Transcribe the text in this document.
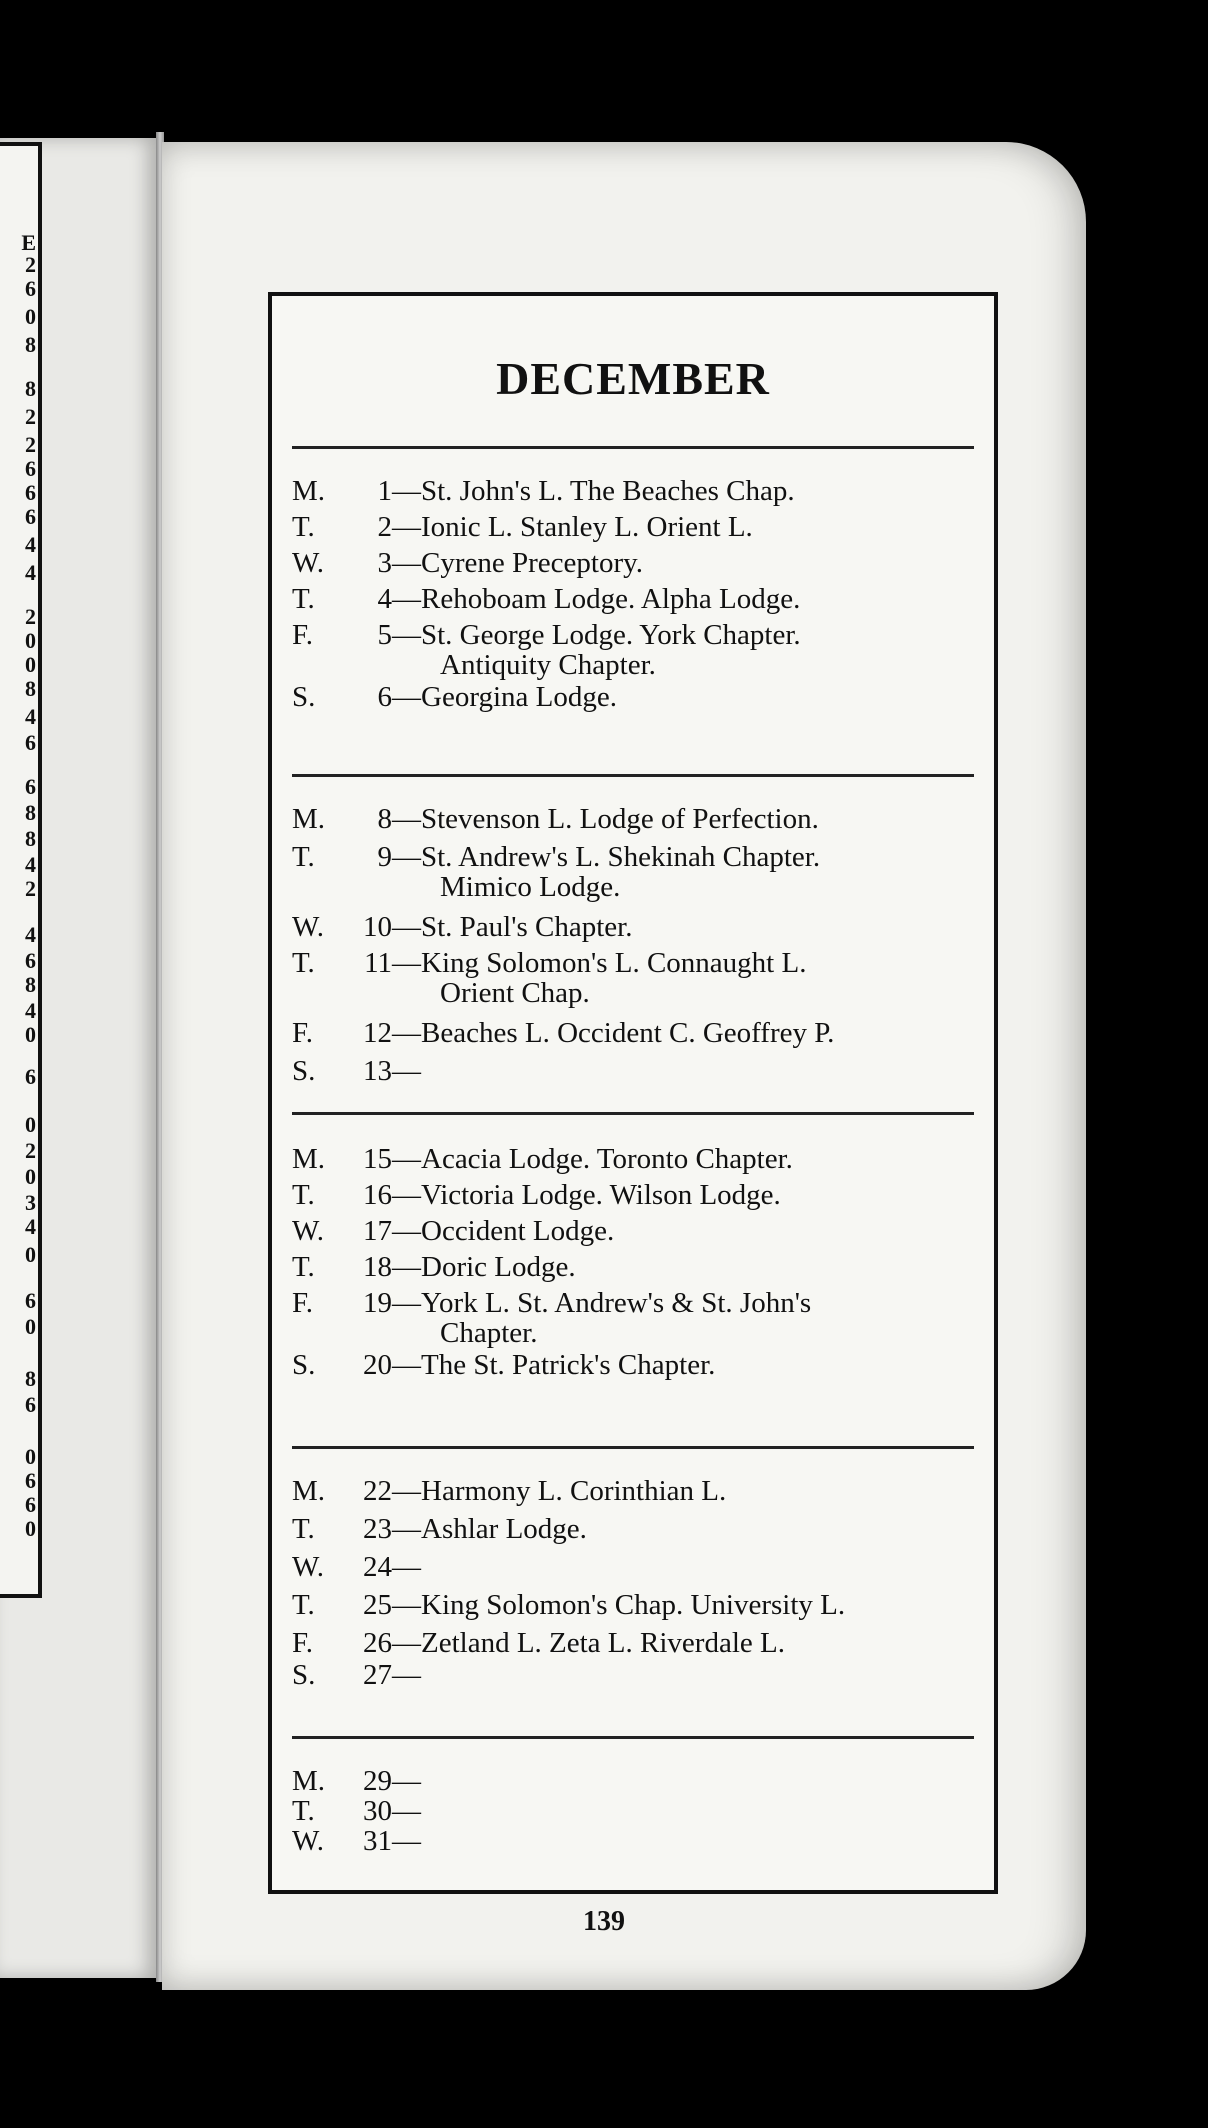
E
2
6
0
8
8
2
2
6
6
6
4
4
2
0
0
8
4
6
6
8
8
4
2
4
6
8
4
0
6
0
2
0
3
4
0
6
0
8
6
0
6
6
0
DECEMBER
M. 1—St. John's L. The Beaches Chap.
T. 2—Ionic L. Stanley L. Orient L.
W. 3—Cyrene Preceptory.
T. 4—Rehoboam Lodge. Alpha Lodge.
F. 5—St. George Lodge. York Chapter.
Antiquity Chapter.
S. 6—Georgina Lodge.
M. 8—Stevenson L. Lodge of Perfection.
T. 9—St. Andrew's L. Shekinah Chapter.
Mimico Lodge.
W. 10—St. Paul's Chapter.
T. 11—King Solomon's L. Connaught L.
Orient Chap.
F. 12—Beaches L. Occident C. Geoffrey P.
S. 13—
M. 15—Acacia Lodge. Toronto Chapter.
T. 16—Victoria Lodge. Wilson Lodge.
W. 17—Occident Lodge.
T. 18—Doric Lodge.
F. 19—York L. St. Andrew's & St. John's
Chapter.
S. 20—The St. Patrick's Chapter.
M. 22—Harmony L. Corinthian L.
T. 23—Ashlar Lodge.
W. 24—
T. 25—King Solomon's Chap. University L.
F. 26—Zetland L. Zeta L. Riverdale L.
S. 27—
M. 29—
T. 30—
W. 31—
139
